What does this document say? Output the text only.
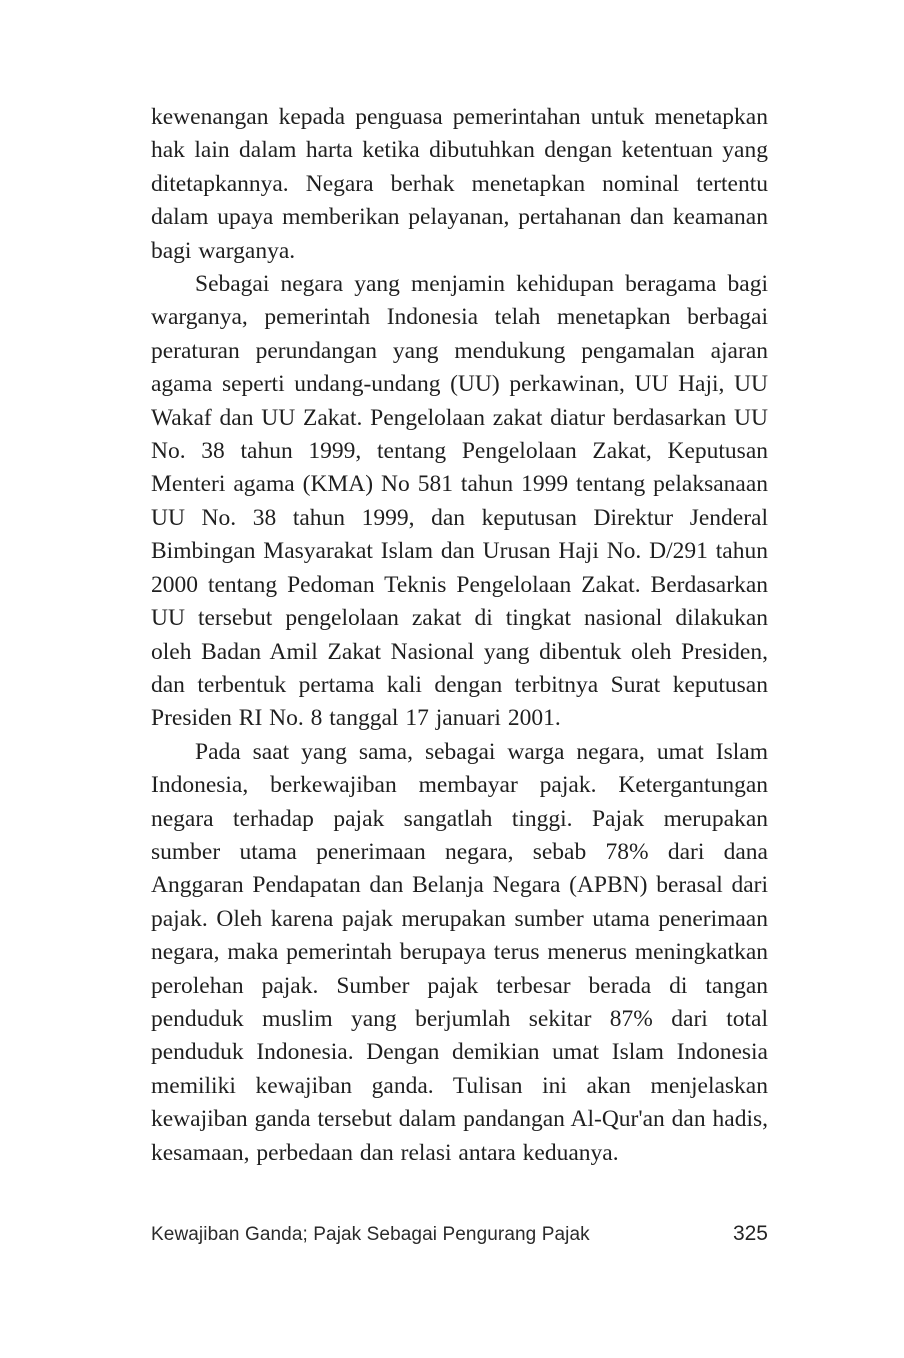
kewenangan kepada penguasa pemerintahan untuk menetapkan hak lain dalam harta ketika dibutuhkan dengan ketentuan yang ditetapkannya. Negara berhak menetapkan nominal tertentu dalam upaya memberikan pelayanan, pertahanan dan keamanan bagi warganya.

Sebagai negara yang menjamin kehidupan beragama bagi warganya, pemerintah Indonesia telah menetapkan berbagai peraturan perundangan yang mendukung pengamalan ajaran agama seperti undang-undang (UU) perkawinan, UU Haji, UU Wakaf dan UU Zakat. Pengelolaan zakat diatur berdasarkan UU No. 38 tahun 1999, tentang Pengelolaan Zakat, Keputusan Menteri agama (KMA) No 581 tahun 1999 tentang pelaksanaan UU No. 38 tahun 1999, dan keputusan Direktur Jenderal Bimbingan Masyarakat Islam dan Urusan Haji No. D/291 tahun 2000 tentang Pedoman Teknis Pengelolaan Zakat. Berdasarkan UU tersebut pengelolaan zakat di tingkat nasional dilakukan oleh Badan Amil Zakat Nasional yang dibentuk oleh Presiden, dan terbentuk pertama kali dengan terbitnya Surat keputusan Presiden RI No. 8 tanggal 17 januari 2001.

Pada saat yang sama, sebagai warga negara, umat Islam Indonesia, berkewajiban membayar pajak. Ketergantungan negara terhadap pajak sangatlah tinggi. Pajak merupakan sumber utama penerimaan negara, sebab 78% dari dana Anggaran Pendapatan dan Belanja Negara (APBN) berasal dari pajak. Oleh karena pajak merupakan sumber utama penerimaan negara, maka pemerintah berupaya terus menerus meningkatkan perolehan pajak. Sumber pajak terbesar berada di tangan penduduk muslim yang berjumlah sekitar 87% dari total penduduk Indonesia. Dengan demikian umat Islam Indonesia memiliki kewajiban ganda. Tulisan ini akan menjelaskan kewajiban ganda tersebut dalam pandangan Al-Qur'an dan hadis, kesamaan, perbedaan dan relasi antara keduanya.

Kewajiban Ganda; Pajak Sebagai Pengurang Pajak	325
